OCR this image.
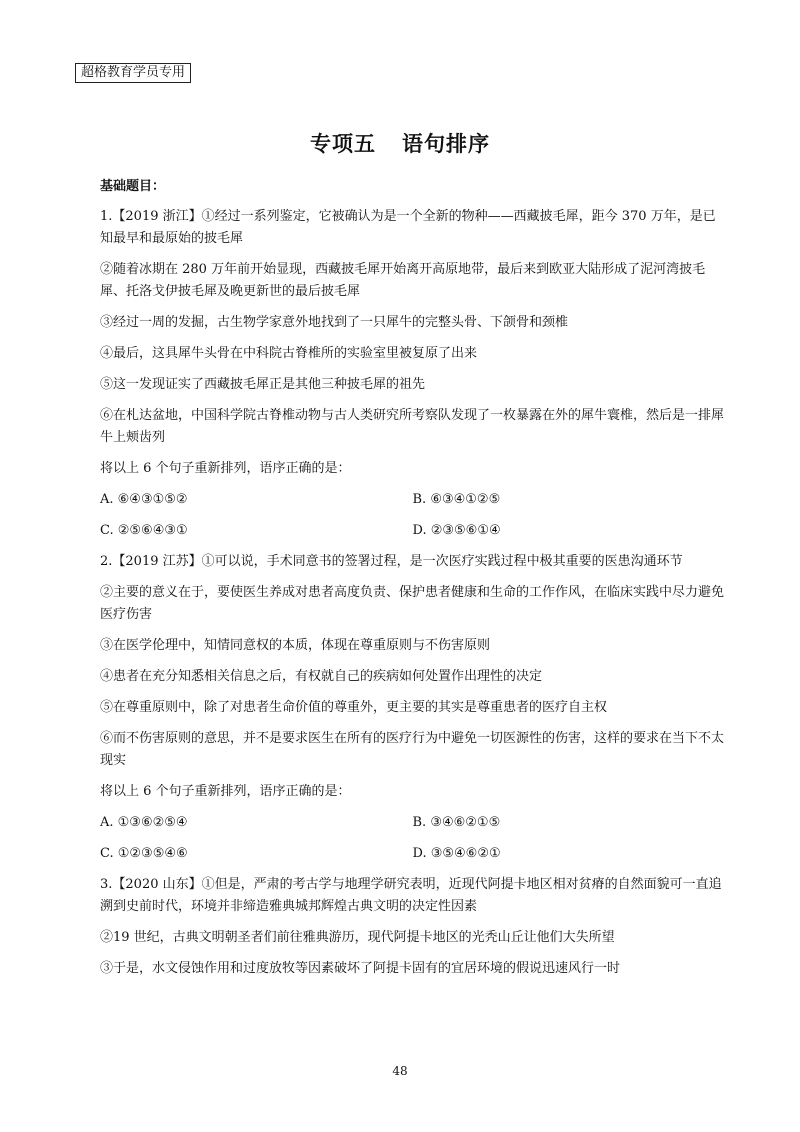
超格教育学员专用
专项五 语句排序

基础题目：

1.【2019 浙江】①经过一系列鉴定，它被确认为是一个全新的物种——西藏披毛犀，距今 370 万年，是已知最早和最原始的披毛犀

②随着冰期在 280 万年前开始显现，西藏披毛犀开始离开高原地带，最后来到欧亚大陆形成了泥河湾披毛犀、托洛戈伊披毛犀及晚更新世的最后披毛犀

③经过一周的发掘，古生物学家意外地找到了一只犀牛的完整头骨、下颌骨和颈椎

④最后，这具犀牛头骨在中科院古脊椎所的实验室里被复原了出来

⑤这一发现证实了西藏披毛犀正是其他三种披毛犀的祖先

⑥在札达盆地，中国科学院古脊椎动物与古人类研究所考察队发现了一枚暴露在外的犀牛寰椎，然后是一排犀牛上颊齿列

将以上 6 个句子重新排列，语序正确的是：

A. ⑥④③①⑤②	B. ⑥③④①②⑤
C. ②⑤⑥④③①	D. ②③⑤⑥①④

2.【2019 江苏】①可以说，手术同意书的签署过程，是一次医疗实践过程中极其重要的医患沟通环节

②主要的意义在于，要使医生养成对患者高度负责、保护患者健康和生命的工作作风，在临床实践中尽力避免医疗伤害

③在医学伦理中，知情同意权的本质，体现在尊重原则与不伤害原则

④患者在充分知悉相关信息之后，有权就自己的疾病如何处置作出理性的决定

⑤在尊重原则中，除了对患者生命价值的尊重外，更主要的其实是尊重患者的医疗自主权

⑥而不伤害原则的意思，并不是要求医生在所有的医疗行为中避免一切医源性的伤害，这样的要求在当下不太现实

将以上 6 个句子重新排列，语序正确的是：

A. ①③⑥②⑤④	B. ③④⑥②①⑤
C. ①②③⑤④⑥	D. ③⑤④⑥②①

3.【2020 山东】①但是，严肃的考古学与地理学研究表明，近现代阿提卡地区相对贫瘠的自然面貌可一直追溯到史前时代，环境并非缔造雅典城邦辉煌古典文明的决定性因素

②19 世纪，古典文明朝圣者们前往雅典游历，现代阿提卡地区的光秃山丘让他们大失所望

③于是，水文侵蚀作用和过度放牧等因素破坏了阿提卡固有的宜居环境的假说迅速风行一时

48
